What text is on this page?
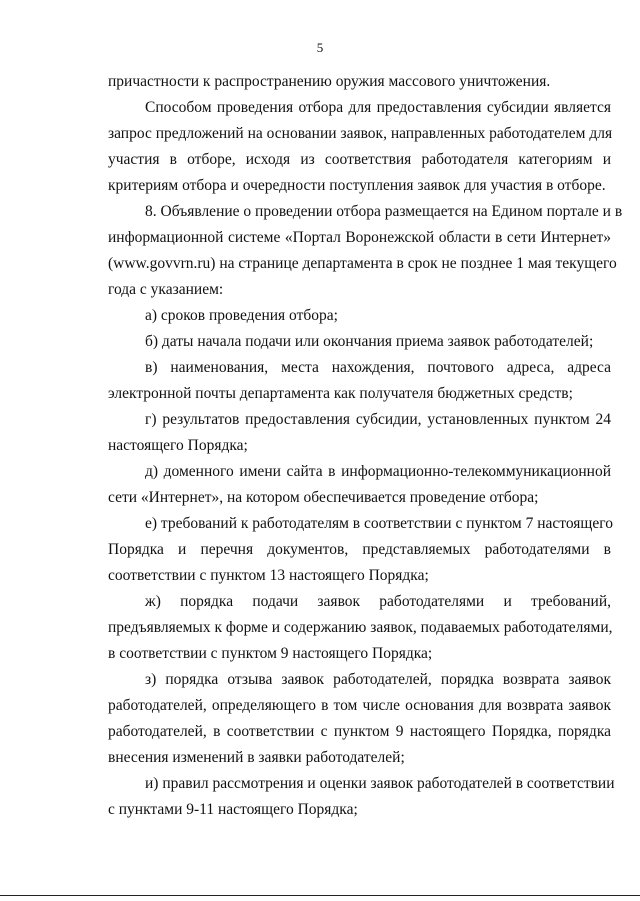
5
причастности к распространению оружия массового уничтожения.
Способом проведения отбора для предоставления субсидии является
запрос предложений на основании заявок, направленных работодателем для
участия в отборе, исходя из соответствия работодателя категориям и
критериям отбора и очередности поступления заявок для участия в отборе.
8. Объявление о проведении отбора размещается на Едином портале и в
информационной системе «Портал Воронежской области в сети Интернет»
(www.govvrn.ru) на странице департамента в срок не позднее 1 мая текущего
года с указанием:
а) сроков проведения отбора;
б) даты начала подачи или окончания приема заявок работодателей;
в) наименования, места нахождения, почтового адреса, адреса
электронной почты департамента как получателя бюджетных средств;
г) результатов предоставления субсидии, установленных пунктом 24
настоящего Порядка;
д) доменного имени сайта в информационно-телекоммуникационной
сети «Интернет», на котором обеспечивается проведение отбора;
е) требований к работодателям в соответствии с пунктом 7 настоящего
Порядка и перечня документов, представляемых работодателями в
соответствии с пунктом 13 настоящего Порядка;
ж) порядка подачи заявок работодателями и требований,
предъявляемых к форме и содержанию заявок, подаваемых работодателями,
в соответствии с пунктом 9 настоящего Порядка;
з) порядка отзыва заявок работодателей, порядка возврата заявок
работодателей, определяющего в том числе основания для возврата заявок
работодателей, в соответствии с пунктом 9 настоящего Порядка, порядка
внесения изменений в заявки работодателей;
и) правил рассмотрения и оценки заявок работодателей в соответствии
с пунктами 9-11 настоящего Порядка;
